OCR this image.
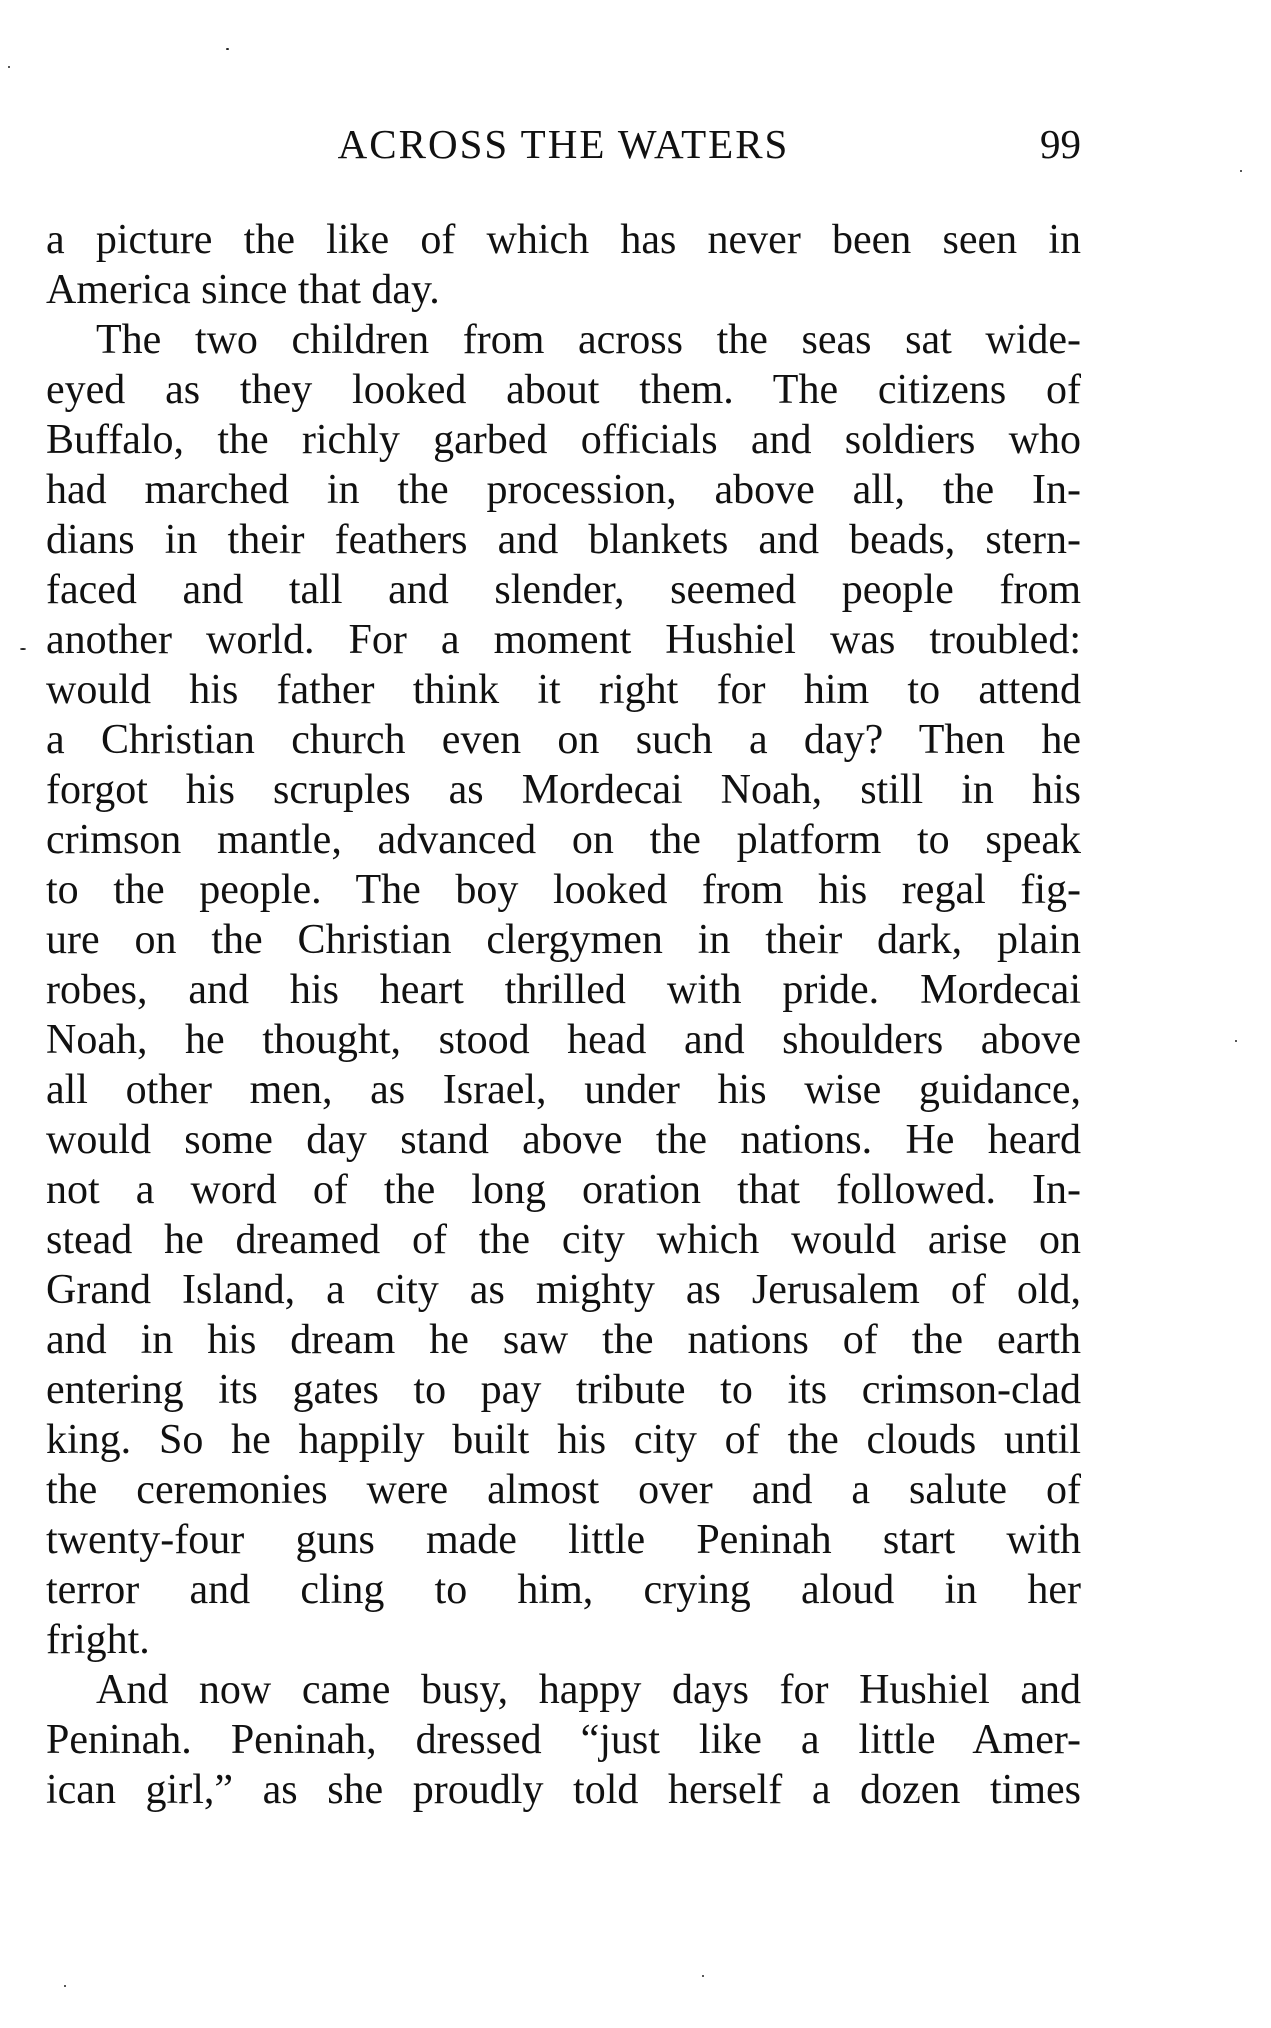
ACROSS THE WATERS	99
a picture the like of which has never been seen in
America since that day.
The two children from across the seas sat wide-
eyed as they looked about them. The citizens of
Buffalo, the richly garbed officials and soldiers who
had marched in the procession, above all, the In-
dians in their feathers and blankets and beads, stern-
faced and tall and slender, seemed people from
another world. For a moment Hushiel was troubled:
would his father think it right for him to attend
a Christian church even on such a day? Then he
forgot his scruples as Mordecai Noah, still in his
crimson mantle, advanced on the platform to speak
to the people. The boy looked from his regal fig-
ure on the Christian clergymen in their dark, plain
robes, and his heart thrilled with pride. Mordecai
Noah, he thought, stood head and shoulders above
all other men, as Israel, under his wise guidance,
would some day stand above the nations. He heard
not a word of the long oration that followed. In-
stead he dreamed of the city which would arise on
Grand Island, a city as mighty as Jerusalem of old,
and in his dream he saw the nations of the earth
entering its gates to pay tribute to its crimson-clad
king. So he happily built his city of the clouds until
the ceremonies were almost over and a salute of
twenty-four guns made little Peninah start with
terror and cling to him, crying aloud in her
fright.
And now came busy, happy days for Hushiel and
Peninah. Peninah, dressed “just like a little Amer-
ican girl,” as she proudly told herself a dozen times
